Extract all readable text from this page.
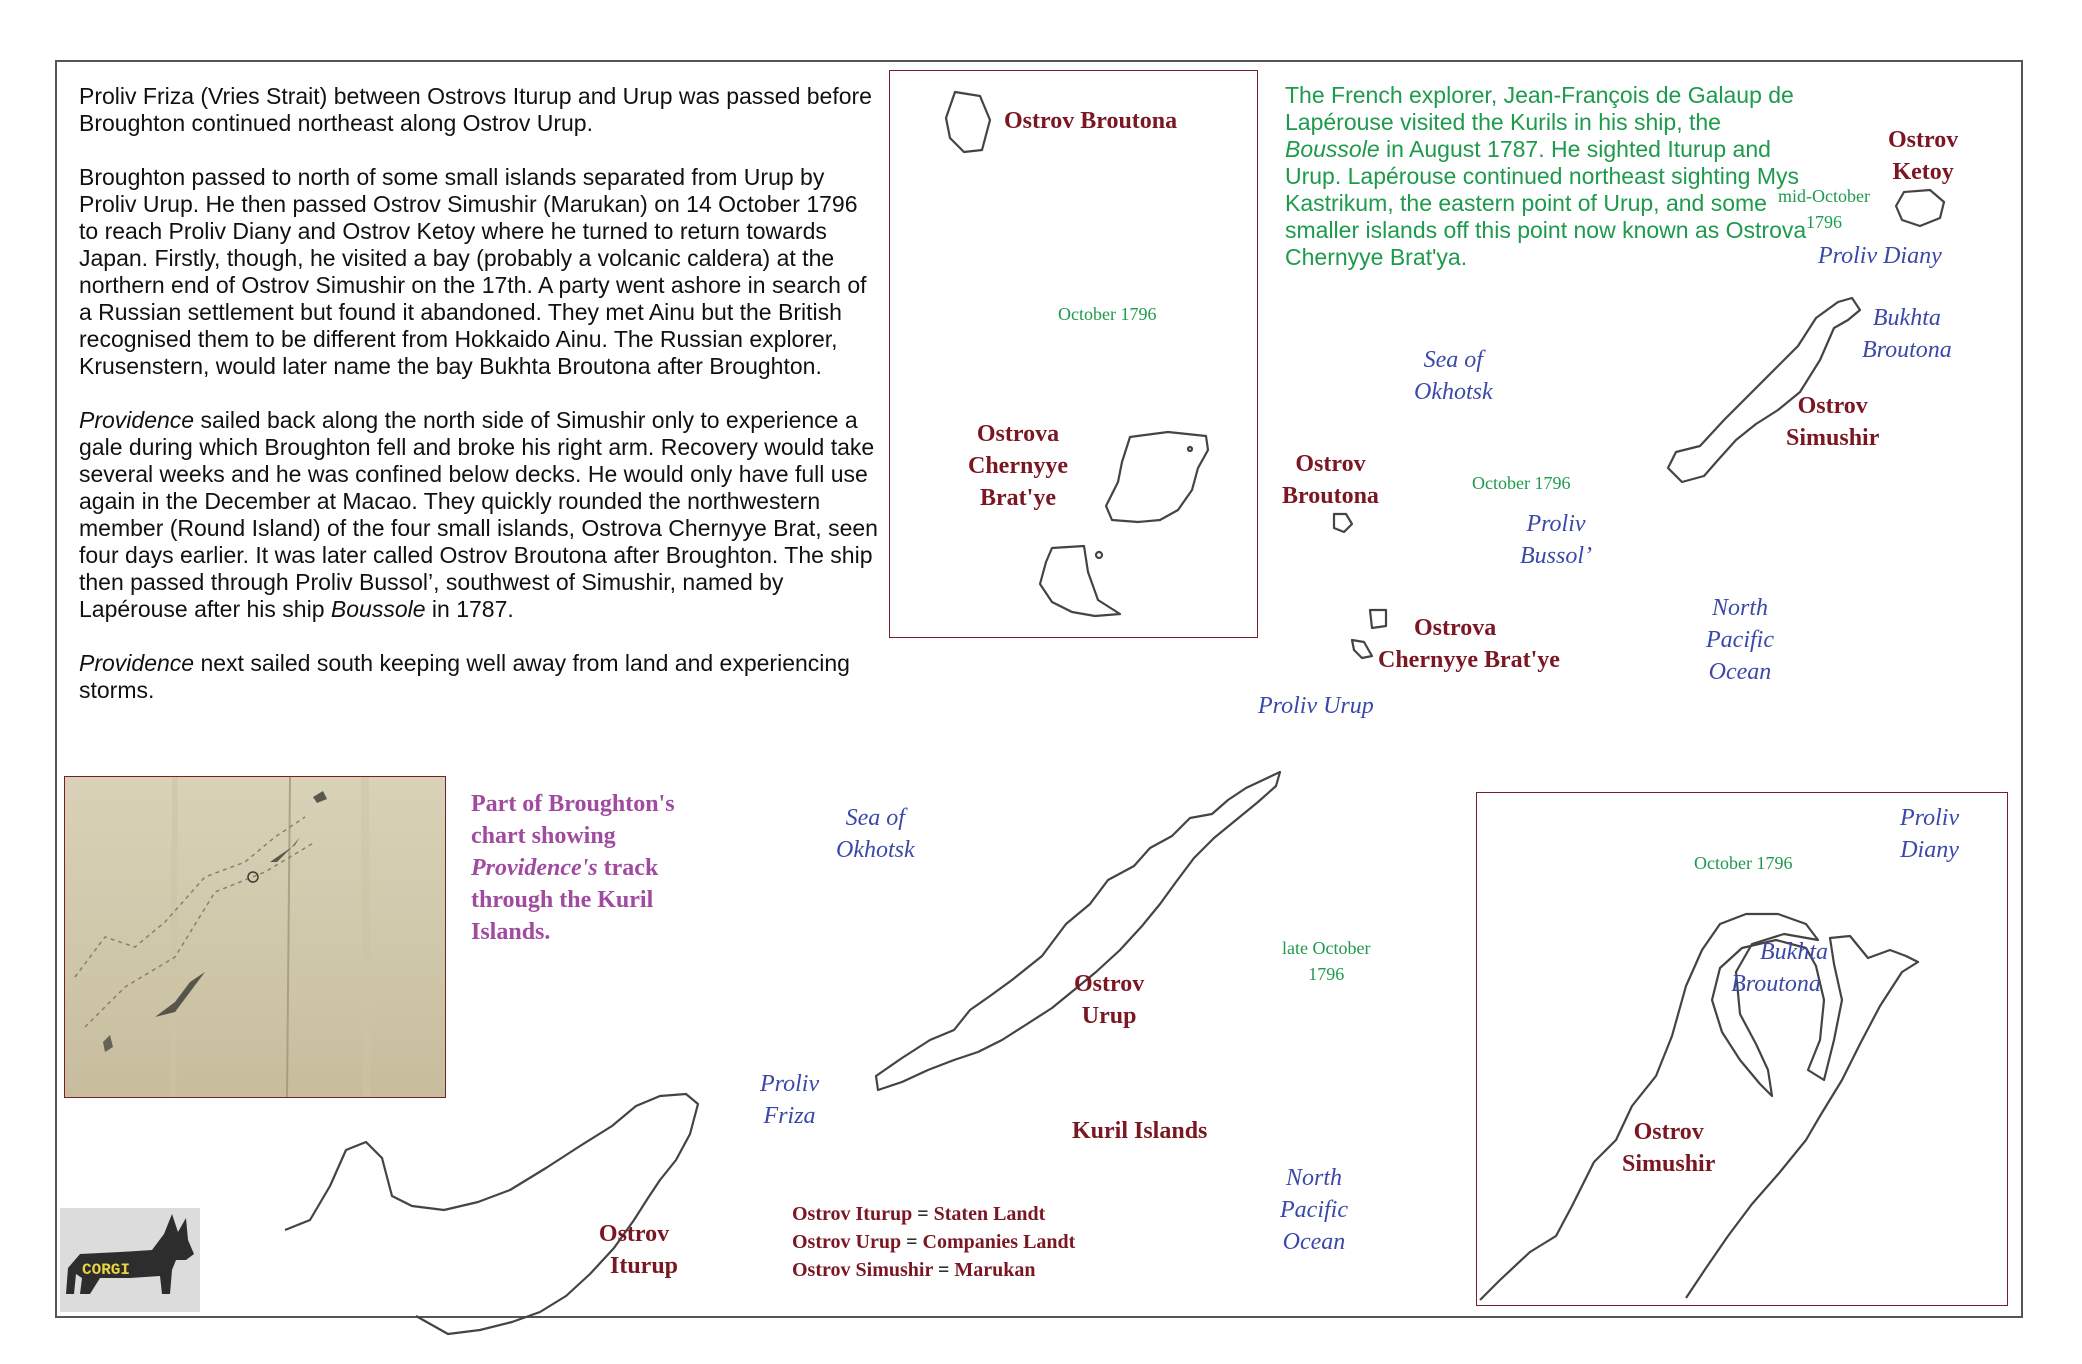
Proliv Friza (Vries Strait) between Ostrovs Iturup and Urup was passed before Broughton continued northeast along Ostrov Urup.

Broughton passed to north of some small islands separated from Urup by Proliv Urup. He then passed Ostrov Simushir (Marukan) on 14 October 1796 to reach Proliv Diany and Ostrov Ketoy where he turned to return towards Japan. Firstly, though, he visited a bay (probably a volcanic caldera) at the northern end of Ostrov Simushir on the 17th. A party went ashore in search of a Russian settlement but found it abandoned. They met Ainu but the British recognised them to be different from Hokkaido Ainu. The Russian explorer, Krusenstern, would later name the bay Bukhta Broutona after Broughton.

Providence sailed back along the north side of Simushir only to experience a gale during which Broughton fell and broke his right arm. Recovery would take several weeks and he was confined below decks. He would only have full use again in the December at Macao. They quickly rounded the northwestern member (Round Island) of the four small islands, Ostrova Chernyye Brat, seen four days earlier. It was later called Ostrov Broutona after Broughton. The ship then passed through Proliv Bussol’, southwest of Simushir, named by Lapérouse after his ship Boussole in 1787.

Providence next sailed south keeping well away from land and experiencing storms.

The French explorer, Jean-François de Galaup de Lapérouse visited the Kurils in his ship, the Boussole in August 1787. He sighted Iturup and Urup. Lapérouse continued northeast sighting Mys Kastrikum, the eastern point of Urup, and some smaller islands off this point now known as Ostrova Chernyye Brat'ya.
Part of Broughton's
chart showing
Providence's track
through the Kuril
Islands.
Ostrov Broutona
October 1796
Ostrova
Chernyye
Brat'ye
Proliv
Diany
October 1796
Bukhta
Broutona
Ostrov
Simushir
Ostrov
Ketoy
mid-October
1796
Proliv Diany
Bukhta
Broutona
Ostrov
Simushir
Sea of
Okhotsk
Ostrov
Broutona	October 1796
Proliv
Bussol’
North
Pacific
Ocean
Ostrova
Chernyye Brat'ye
Proliv Urup
Sea of
Okhotsk
late October
1796
Ostrov
Urup
Proliv
Friza
Kuril Islands
North
Pacific
Ocean
Ostrov
Iturup
Ostrov Iturup = Staten Landt
Ostrov Urup = Companies Landt
Ostrov Simushir = Marukan
CORGI
